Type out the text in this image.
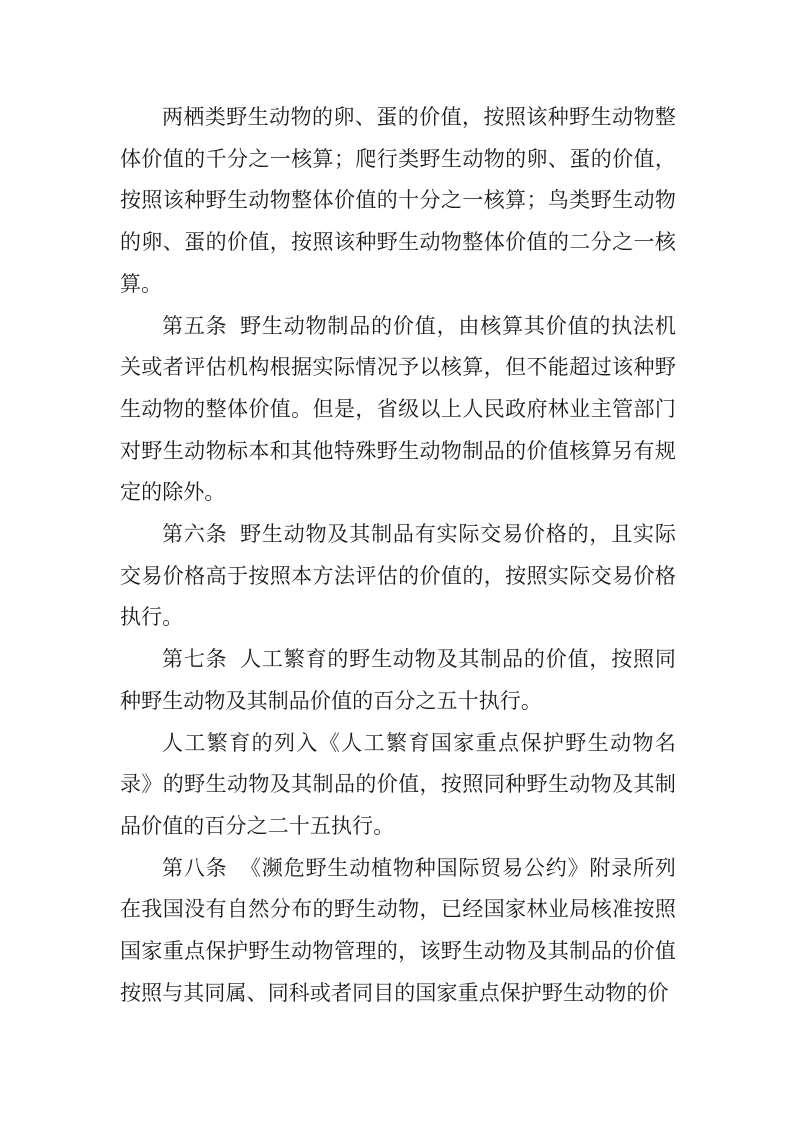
两栖类野生动物的卵、蛋的价值，按照该种野生动物整体价值的千分之一核算；爬行类野生动物的卵、蛋的价值，按照该种野生动物整体价值的十分之一核算；鸟类野生动物的卵、蛋的价值，按照该种野生动物整体价值的二分之一核算。

第五条 野生动物制品的价值，由核算其价值的执法机关或者评估机构根据实际情况予以核算，但不能超过该种野生动物的整体价值。但是，省级以上人民政府林业主管部门对野生动物标本和其他特殊野生动物制品的价值核算另有规定的除外。

第六条 野生动物及其制品有实际交易价格的，且实际交易价格高于按照本方法评估的价值的，按照实际交易价格执行。

第七条 人工繁育的野生动物及其制品的价值，按照同种野生动物及其制品价值的百分之五十执行。

人工繁育的列入《人工繁育国家重点保护野生动物名录》的野生动物及其制品的价值，按照同种野生动物及其制品价值的百分之二十五执行。

第八条 《濒危野生动植物种国际贸易公约》附录所列在我国没有自然分布的野生动物，已经国家林业局核准按照国家重点保护野生动物管理的，该野生动物及其制品的价值按照与其同属、同科或者同目的国家重点保护野生动物的价
